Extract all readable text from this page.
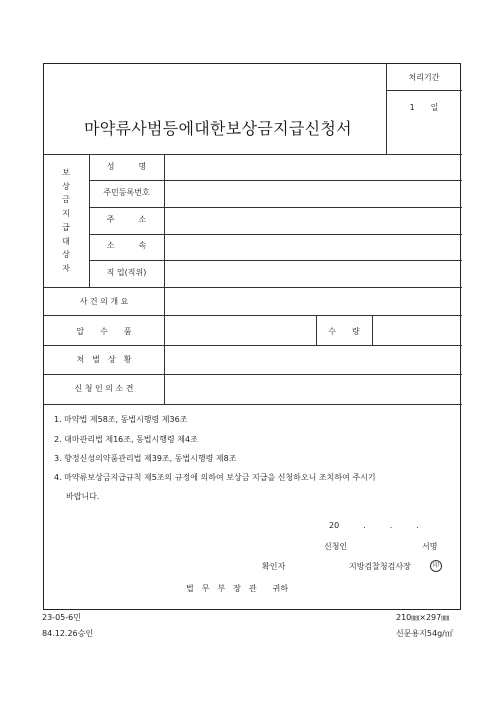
마약류사범등에대한보상금지급신청서
처리기간
1　　일
보
상
금
지
급
대
상
자
성　　　명
주민등록번호
주　　　소
소　　　속
직 업(직위)
사 건 의 개 요
압　　수　　품	수　　량
처　벌　상　황
신 청 인 의 소 견
1. 마약법 제58조, 동법시행령 제36조
2. 대마관리법 제16조, 동법시행령 제4조
3. 향정신성의약품관리법 제39조, 동법시행령 제8조
4. 마약류보상금지급규칙 제5조의 규정에 의하여 보상금 지급을 신청하오니 조치하여 주시기
바랍니다.
20　　　.　　　.　　　.
신청인	서명
확인자	지방검찰청검사장	印
법　무　부　장　관　　귀하
23-05-6민
84.12.26승인
210㎜×297㎜
신문용지54g/㎡
